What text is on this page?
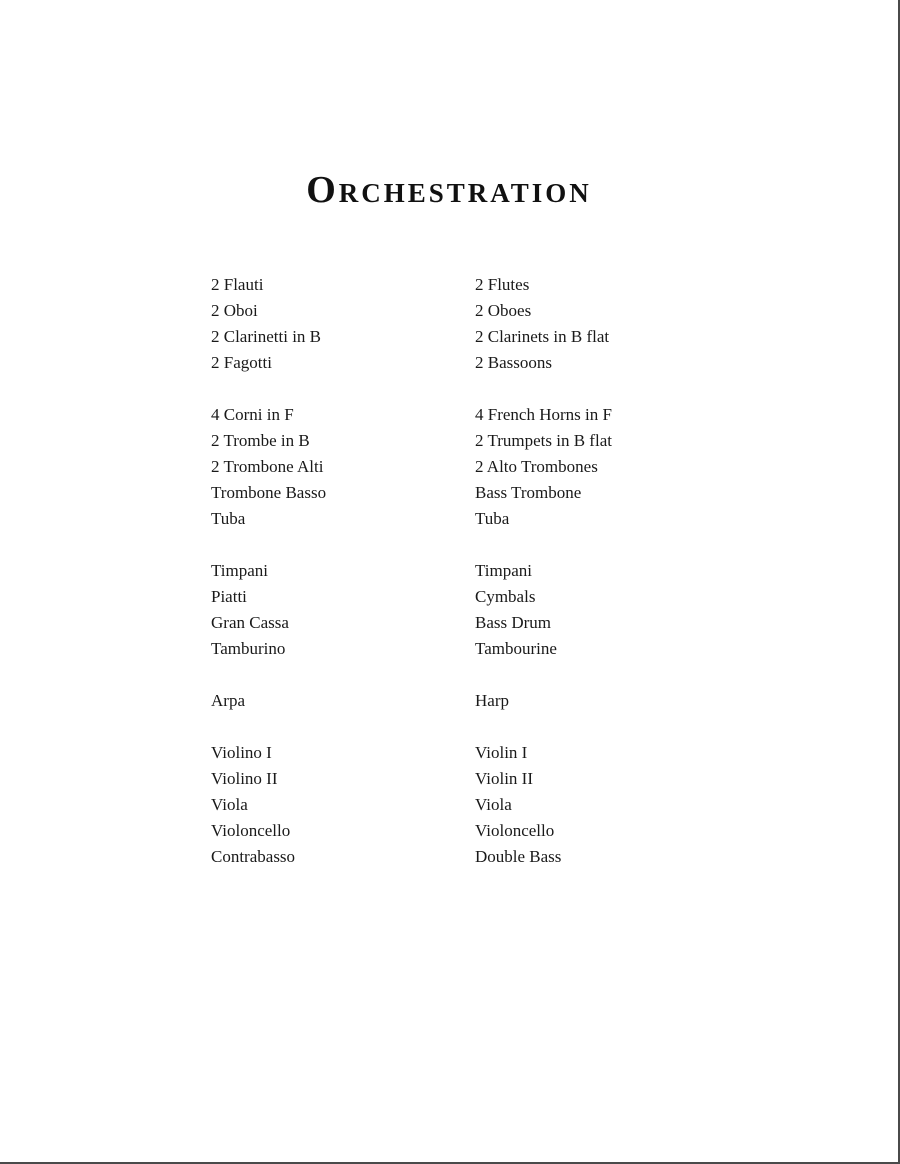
Orchestration
2 Flauti	2 Flutes
2 Oboi	2 Oboes
2 Clarinetti in B	2 Clarinets in B flat
2 Fagotti	2 Bassoons
4 Corni in F	4 French Horns in F
2 Trombe in B	2 Trumpets in B flat
2 Trombone Alti	2 Alto Trombones
Trombone Basso	Bass Trombone
Tuba	Tuba
Timpani	Timpani
Piatti	Cymbals
Gran Cassa	Bass Drum
Tamburino	Tambourine
Arpa	Harp
Violino I	Violin I
Violino II	Violin II
Viola	Viola
Violoncello	Violoncello
Contrabasso	Double Bass
